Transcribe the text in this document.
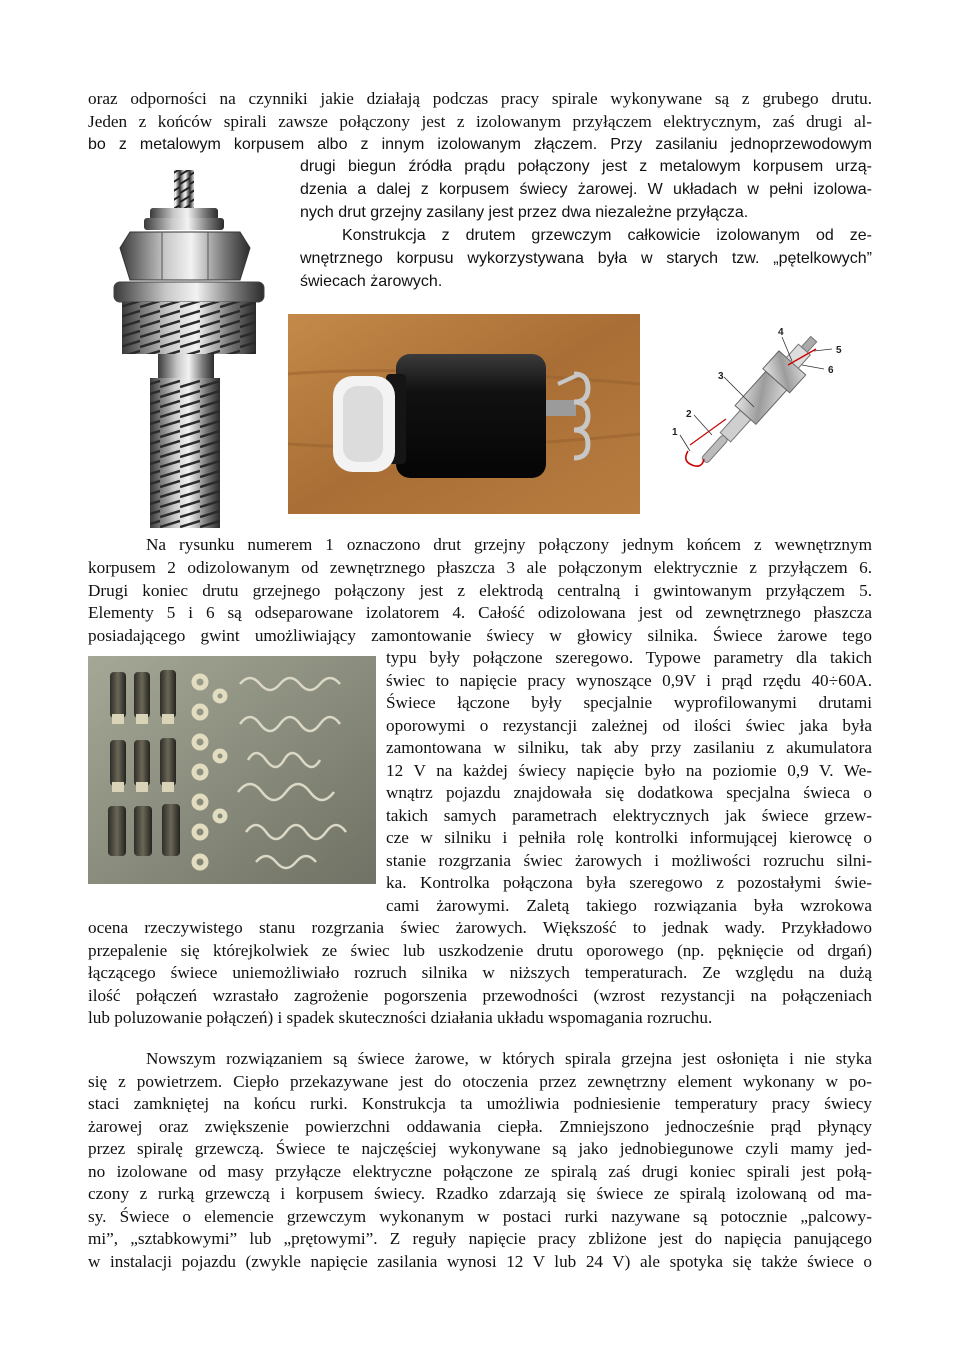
oraz odporności na czynniki jakie działają podczas pracy spirale wykonywane są z grubego drutu.
Jeden z końców spirali zawsze połączony jest z izolowanym przyłączem elektrycznym, zaś drugi al-
bo z metalowym korpusem albo z innym izolowanym złączem. Przy zasilaniu jednoprzewodowym
drugi biegun źródła prądu połączony jest z metalowym korpusem urzą-
dzenia a dalej z korpusem świecy żarowej. W układach w pełni izolowa-
nych drut grzejny zasilany jest przez dwa niezależne przyłącza.
Konstrukcja z drutem grzewczym całkowicie izolowanym od ze-
wnętrznego korpusu wykorzystywana była w starych tzw. „pętelkowych”
świecach żarowych.
1
2
3
4
5
6
Na rysunku numerem 1 oznaczono drut grzejny połączony jednym końcem z wewnętrznym
korpusem 2 odizolowanym od zewnętrznego płaszcza 3 ale połączonym elektrycznie z przyłączem 6.
Drugi koniec drutu grzejnego połączony jest z elektrodą centralną i gwintowanym przyłączem 5.
Elementy 5 i 6 są odseparowane izolatorem 4. Całość odizolowana jest od zewnętrznego płaszcza
posiadającego gwint umożliwiający zamontowanie świecy w głowicy silnika. Świece żarowe tego
typu były połączone szeregowo. Typowe parametry dla takich
świec to napięcie pracy wynoszące 0,9V i prąd rzędu 40÷60A.
Świece łączone były specjalnie wyprofilowanymi drutami
oporowymi o rezystancji zależnej od ilości świec jaka była
zamontowana w silniku, tak aby przy zasilaniu z akumulatora
12 V na każdej świecy napięcie było na poziomie 0,9 V. We-
wnątrz pojazdu znajdowała się dodatkowa specjalna świeca o
takich samych parametrach elektrycznych jak świece grzew-
cze w silniku i pełniła rolę kontrolki informującej kierowcę o
stanie rozgrzania świec żarowych i możliwości rozruchu silni-
ka. Kontrolka połączona była szeregowo z pozostałymi świe-
cami żarowymi. Zaletą takiego rozwiązania była wzrokowa
ocena rzeczywistego stanu rozgrzania świec żarowych. Większość to jednak wady. Przykładowo
przepalenie się którejkolwiek ze świec lub uszkodzenie drutu oporowego (np. pęknięcie od drgań)
łączącego świece uniemożliwiało rozruch silnika w niższych temperaturach. Ze względu na dużą
ilość połączeń wzrastało zagrożenie pogorszenia przewodności (wzrost rezystancji na połączeniach
lub poluzowanie połączeń) i spadek skuteczności działania układu wspomagania rozruchu.
Nowszym rozwiązaniem są świece żarowe, w których spirala grzejna jest osłonięta i nie styka
się z powietrzem. Ciepło przekazywane jest do otoczenia przez zewnętrzny element wykonany w po-
staci zamkniętej na końcu rurki. Konstrukcja ta umożliwia podniesienie temperatury pracy świecy
żarowej oraz zwiększenie powierzchni oddawania ciepła. Zmniejszono jednocześnie prąd płynący
przez spiralę grzewczą. Świece te najczęściej wykonywane są jako jednobiegunowe czyli mamy jed-
no izolowane od masy przyłącze elektryczne połączone ze spiralą zaś drugi koniec spirali jest połą-
czony z rurką grzewczą i korpusem świecy. Rzadko zdarzają się świece ze spiralą izolowaną od ma-
sy. Świece o elemencie grzewczym wykonanym w postaci rurki nazywane są potocznie „palcowy-
mi”, „sztabkowymi” lub „prętowymi”. Z reguły napięcie pracy zbliżone jest do napięcia panującego
w instalacji pojazdu (zwykle napięcie zasilania wynosi 12 V lub 24 V) ale spotyka się także świece o
